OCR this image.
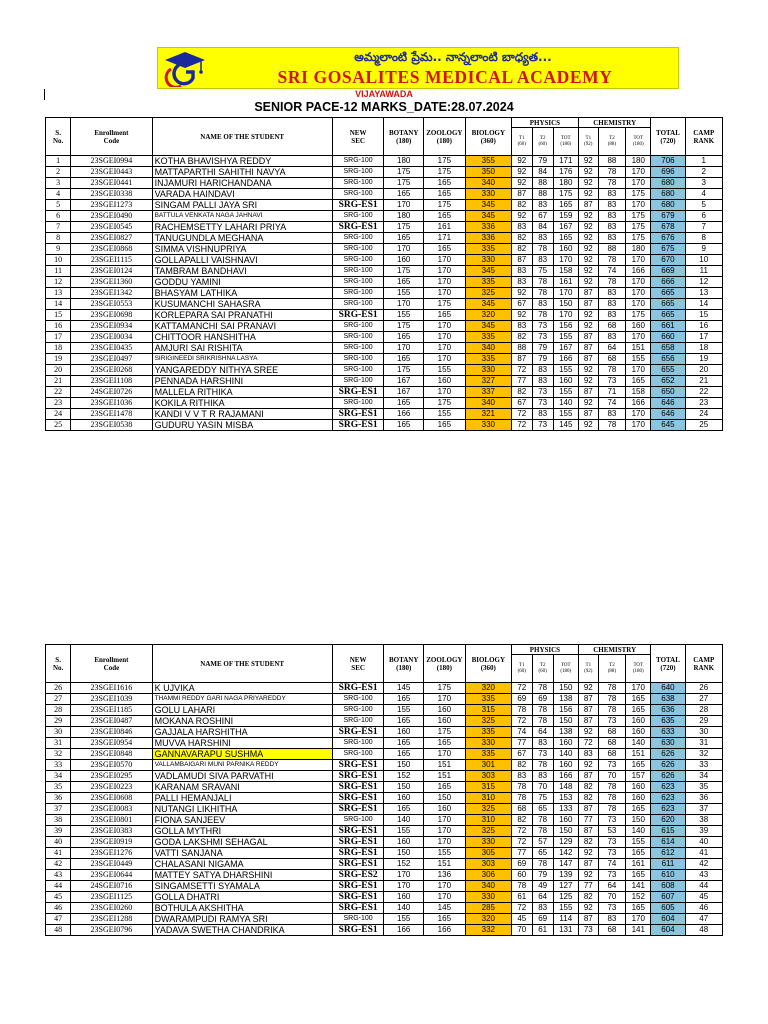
అమ్మలాంటి ప్రేమ.. నాన్నలాంటి బాధ్యత...
SRI GOSALITES MEDICAL ACADEMY
VIJAYAWADA
SENIOR PACE-12 MARKS_DATE:28.07.2024
S.
No.	Enrollment
Code	NAME OF THE STUDENT	NEW
SEC	BOTANY
(180)	ZOOLOGY
(180)	BIOLOGY
(360)	PHYSICS			CHEMISTRY			TOTAL
(720)	CAMP
RANK
							T1
(60)	T2
(60)	TOT
(180)	T1
(92)	T2
(88)	TOT
(180)		
1	23SGEI0994	KOTHA BHAVISHYA REDDY	SRG-100	180	175	355	92	79	171	92	88	180	706	1
2	23SGEI0443	MATTAPARTHI SAHITHI NAVYA	SRG-100	175	175	350	92	84	176	92	78	170	696	2
3	23SGEI0441	INJAMURI HARICHANDANA	SRG-100	175	165	340	92	88	180	92	78	170	680	3
4	23SGEI0338	VARADA HAINDAVI	SRG-100	165	165	330	87	88	175	92	83	175	680	4
5	23SGEI1273	SINGAM PALLI JAYA SRI	SRG-ES1	170	175	345	82	83	165	87	83	170	680	5
6	23SGEI0490	BATTULA VENKATA NAGA JAHNAVI	SRG-100	180	165	345	92	67	159	92	83	175	679	6
7	23SGEI0545	RACHEMSETTY LAHARI PRIYA	SRG-ES1	175	161	336	83	84	167	92	83	175	678	7
8	23SGEI0827	TANUGUNDLA MEGHANA	SRG-100	165	171	336	82	83	165	92	83	175	676	8
9	23SGEI0868	SIMMA VISHNUPRIYA	SRG-100	170	165	335	82	78	160	92	88	180	675	9
10	23SGEI1115	GOLLAPALLI VAISHNAVI	SRG-100	160	170	330	87	83	170	92	78	170	670	10
11	23SGEI0124	TAMBRAM BANDHAVI	SRG-100	175	170	345	83	75	158	92	74	166	669	11
12	23SGEI1360	GODDU YAMINI	SRG-100	165	170	335	83	78	161	92	78	170	666	12
13	23SGEI1342	BHASYAM LATHIKA	SRG-100	155	170	325	92	78	170	87	83	170	665	13
14	23SGEI0553	KUSUMANCHI SAHASRA	SRG-100	170	175	345	67	83	150	87	83	170	665	14
15	23SGEI0698	KORLEPARA SAI PRANATHI	SRG-ES1	155	165	320	92	78	170	92	83	175	665	15
16	23SGEI0934	KATTAMANCHI SAI PRANAVI	SRG-100	175	170	345	83	73	156	92	68	160	661	16
17	23SGEI0034	CHITTOOR HANSHITHA	SRG-100	165	170	335	82	73	155	87	83	170	660	17
18	23SGEI0435	AMJURI SAI RISHITA	SRG-100	170	170	340	88	79	167	87	64	151	658	18
19	23SGEI0497	SIRIGINEEDI SRIKRISHNA LASYA	SRG-100	165	170	335	87	79	166	87	68	155	656	19
20	23SGEI0268	YANGAREDDY NITHYA SREE	SRG-100	175	155	330	72	83	155	92	78	170	655	20
21	23SGEI1108	PENNADA HARSHINI	SRG-100	167	160	327	77	83	160	92	73	165	652	21
22	24SGEI0726	MALLELA RITHIKA	SRG-ES1	167	170	337	82	73	155	87	71	158	650	22
23	23SGEI1036	KOKILA RITHIKA	SRG-100	165	175	340	67	73	140	92	74	166	646	23
24	23SGEI1478	KANDI V V T R RAJAMANI	SRG-ES1	166	155	321	72	83	155	87	83	170	646	24
25	23SGEI0538	GUDURU YASIN MISBA	SRG-ES1	165	165	330	72	73	145	92	78	170	645	25
S.
No.	Enrollment
Code	NAME OF THE STUDENT	NEW
SEC	BOTANY
(180)	ZOOLOGY
(180)	BIOLOGY
(360)	PHYSICS			CHEMISTRY			TOTAL
(720)	CAMP
RANK
							T1
(60)	T2
(60)	TOT
(180)	T1
(92)	T2
(88)	TOT
(180)		
26	23SGEI1616	K UJVIKA	SRG-ES1	145	175	320	72	78	150	92	78	170	640	26
27	23SGEI1039	THAMMI REDDY GARI NAGA PRIYAREDDY	SRG-100	165	170	335	69	69	138	87	78	165	638	27
28	23SGEI1185	GOLU LAHARI	SRG-100	155	160	315	78	78	156	87	78	165	636	28
29	23SGEI0487	MOKANA ROSHINI	SRG-100	165	160	325	72	78	150	87	73	160	635	29
30	23SGEI0846	GAJJALA HARSHITHA	SRG-ES1	160	175	335	74	64	138	92	68	160	633	30
31	23SGEI0954	MUVVA HARSHINI	SRG-100	165	165	330	77	83	160	72	68	140	630	31
32	23SGEI0848	GANNAVARAPU SUSHMA	SRG-100	165	170	335	67	73	140	83	68	151	626	32
33	23SGEI0570	VALLAMBAIGARI MUNI PARNIKA REDDY	SRG-ES1	150	151	301	82	78	160	92	73	165	626	33
34	23SGEI0295	VADLAMUDI SIVA PARVATHI	SRG-ES1	152	151	303	83	83	166	87	70	157	626	34
35	23SGEI0223	KARANAM SRAVANI	SRG-ES1	150	165	315	78	70	148	82	78	160	623	35
36	23SGEI0608	PALLI HEMANJALI	SRG-ES1	160	150	310	78	75	153	82	78	160	623	36
37	23SGEI0083	NUTANGI LIKHITHA	SRG-ES1	165	160	325	68	65	133	87	78	165	623	37
38	23SGEI0801	FIONA SANJEEV	SRG-100	140	170	310	82	78	160	77	73	150	620	38
39	23SGEI0383	GOLLA MYTHRI	SRG-ES1	155	170	325	72	78	150	87	53	140	615	39
40	23SGEI0919	GODA LAKSHMI SEHAGAL	SRG-ES1	160	170	330	72	57	129	82	73	155	614	40
41	23SGEI1276	VATTI SANJANA	SRG-ES1	150	155	305	77	65	142	92	73	165	612	41
42	23SGEI0449	CHALASANI NIGAMA	SRG-ES1	152	151	303	69	78	147	87	74	161	611	42
43	23SGEI0644	MATTEY SATYA DHARSHINI	SRG-ES2	170	136	306	60	79	139	92	73	165	610	43
44	24SGEI0716	SINGAMSETTI SYAMALA	SRG-ES1	170	170	340	78	49	127	77	64	141	608	44
45	23SGEI1125	GOLLA DHATRI	SRG-ES1	160	170	330	61	64	125	82	70	152	607	45
46	23SGEI0260	BOTHULA AKSHITHA	SRG-ES1	140	145	285	72	83	155	92	73	165	605	46
47	23SGEI1288	DWARAMPUDI RAMYA SRI	SRG-100	155	165	320	45	69	114	87	83	170	604	47
48	23SGEI0796	YADAVA SWETHA CHANDRIKA	SRG-ES1	166	166	332	70	61	131	73	68	141	604	48
